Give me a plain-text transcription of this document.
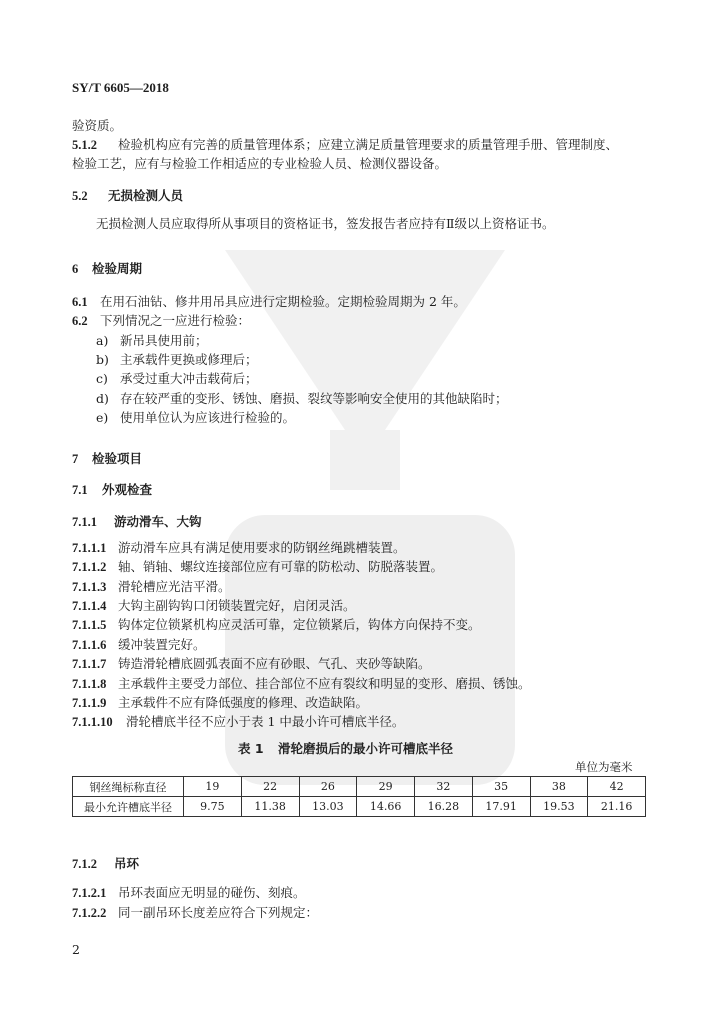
SY/T 6605—2018
验资质。
5.1.2 检验机构应有完善的质量管理体系；应建立满足质量管理要求的质量管理手册、管理制度、
检验工艺，应有与检验工作相适应的专业检验人员、检测仪器设备。
5.2 无损检测人员
无损检测人员应取得所从事项目的资格证书，签发报告者应持有Ⅱ级以上资格证书。
6 检验周期
6.1 在用石油钻、修井用吊具应进行定期检验。定期检验周期为 2 年。
6.2 下列情况之一应进行检验：
a) 新吊具使用前；
b) 主承载件更换或修理后；
c) 承受过重大冲击载荷后；
d) 存在较严重的变形、锈蚀、磨损、裂纹等影响安全使用的其他缺陷时；
e) 使用单位认为应该进行检验的。
7 检验项目
7.1 外观检查
7.1.1 游动滑车、大钩
7.1.1.1 游动滑车应具有满足使用要求的防钢丝绳跳槽装置。
7.1.1.2 轴、销轴、螺纹连接部位应有可靠的防松动、防脱落装置。
7.1.1.3 滑轮槽应光洁平滑。
7.1.1.4 大钩主副钩钩口闭锁装置完好，启闭灵活。
7.1.1.5 钩体定位锁紧机构应灵活可靠，定位锁紧后，钩体方向保持不变。
7.1.1.6 缓冲装置完好。
7.1.1.7 铸造滑轮槽底圆弧表面不应有砂眼、气孔、夹砂等缺陷。
7.1.1.8 主承载件主要受力部位、挂合部位不应有裂纹和明显的变形、磨损、锈蚀。
7.1.1.9 主承载件不应有降低强度的修理、改造缺陷。
7.1.1.10 滑轮槽底半径不应小于表 1 中最小许可槽底半径。
表 1 滑轮磨损后的最小许可槽底半径
单位为毫米
钢丝绳标称直径	19	22	26	29	32	35	38	42
最小允许槽底半径	9.75	11.38	13.03	14.66	16.28	17.91	19.53	21.16
7.1.2 吊环
7.1.2.1 吊环表面应无明显的碰伤、刻痕。
7.1.2.2 同一副吊环长度差应符合下列规定：
2
